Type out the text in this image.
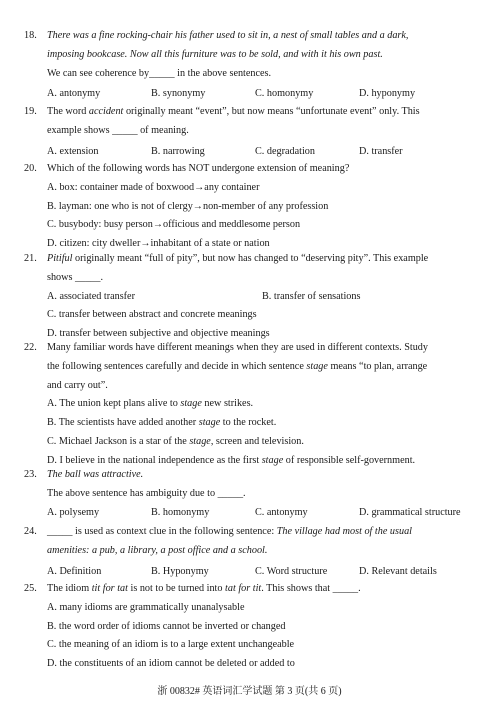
18.	There was a fine rocking-chair his father used to sit in, a nest of small tables and a dark,
imposing bookcase. Now all this furniture was to be sold, and with it his own past.
We can see coherence by_____ in the above sentences.
A. antonymy	B. synonymy	C. homonymy	D. hyponymy
19.	The word accident originally meant “event”, but now means “unfortunate event” only. This
example shows _____ of meaning.
A. extension	B. narrowing	C. degradation	D. transfer
20.	Which of the following words has NOT undergone extension of meaning?
A. box: container made of boxwood→any container
B. layman: one who is not of clergy→non-member of any profession
C. busybody: busy person→officious and meddlesome person
D. citizen: city dweller→inhabitant of a state or nation
21.	Pitiful originally meant “full of pity”, but now has changed to “deserving pity”. This example
shows _____.
A. associated transfer	B. transfer of sensations
C. transfer between abstract and concrete meanings
D. transfer between subjective and objective meanings
22.	Many familiar words have different meanings when they are used in different contexts. Study
the following sentences carefully and decide in which sentence stage means “to plan, arrange
and carry out”.
A. The union kept plans alive to stage new strikes.
B. The scientists have added another stage to the rocket.
C. Michael Jackson is a star of the stage, screen and television.
D. I believe in the national independence as the first stage of responsible self-government.
23.	The ball was attractive.
The above sentence has ambiguity due to _____.
A. polysemy	B. homonymy	C. antonymy	D. grammatical structure
24.	_____ is used as context clue in the following sentence: The village had most of the usual
amenities: a pub, a library, a post office and a school.
A. Definition	B. Hyponymy	C. Word structure	D. Relevant details
25.	The idiom tit for tat is not to be turned into tat for tit. This shows that _____.
A. many idioms are grammatically unanalysable
B. the word order of idioms cannot be inverted or changed
C. the meaning of an idiom is to a large extent unchangeable
D. the constituents of an idiom cannot be deleted or added to
浙 00832# 英语词汇学试题 第 3 页(共 6 页)
